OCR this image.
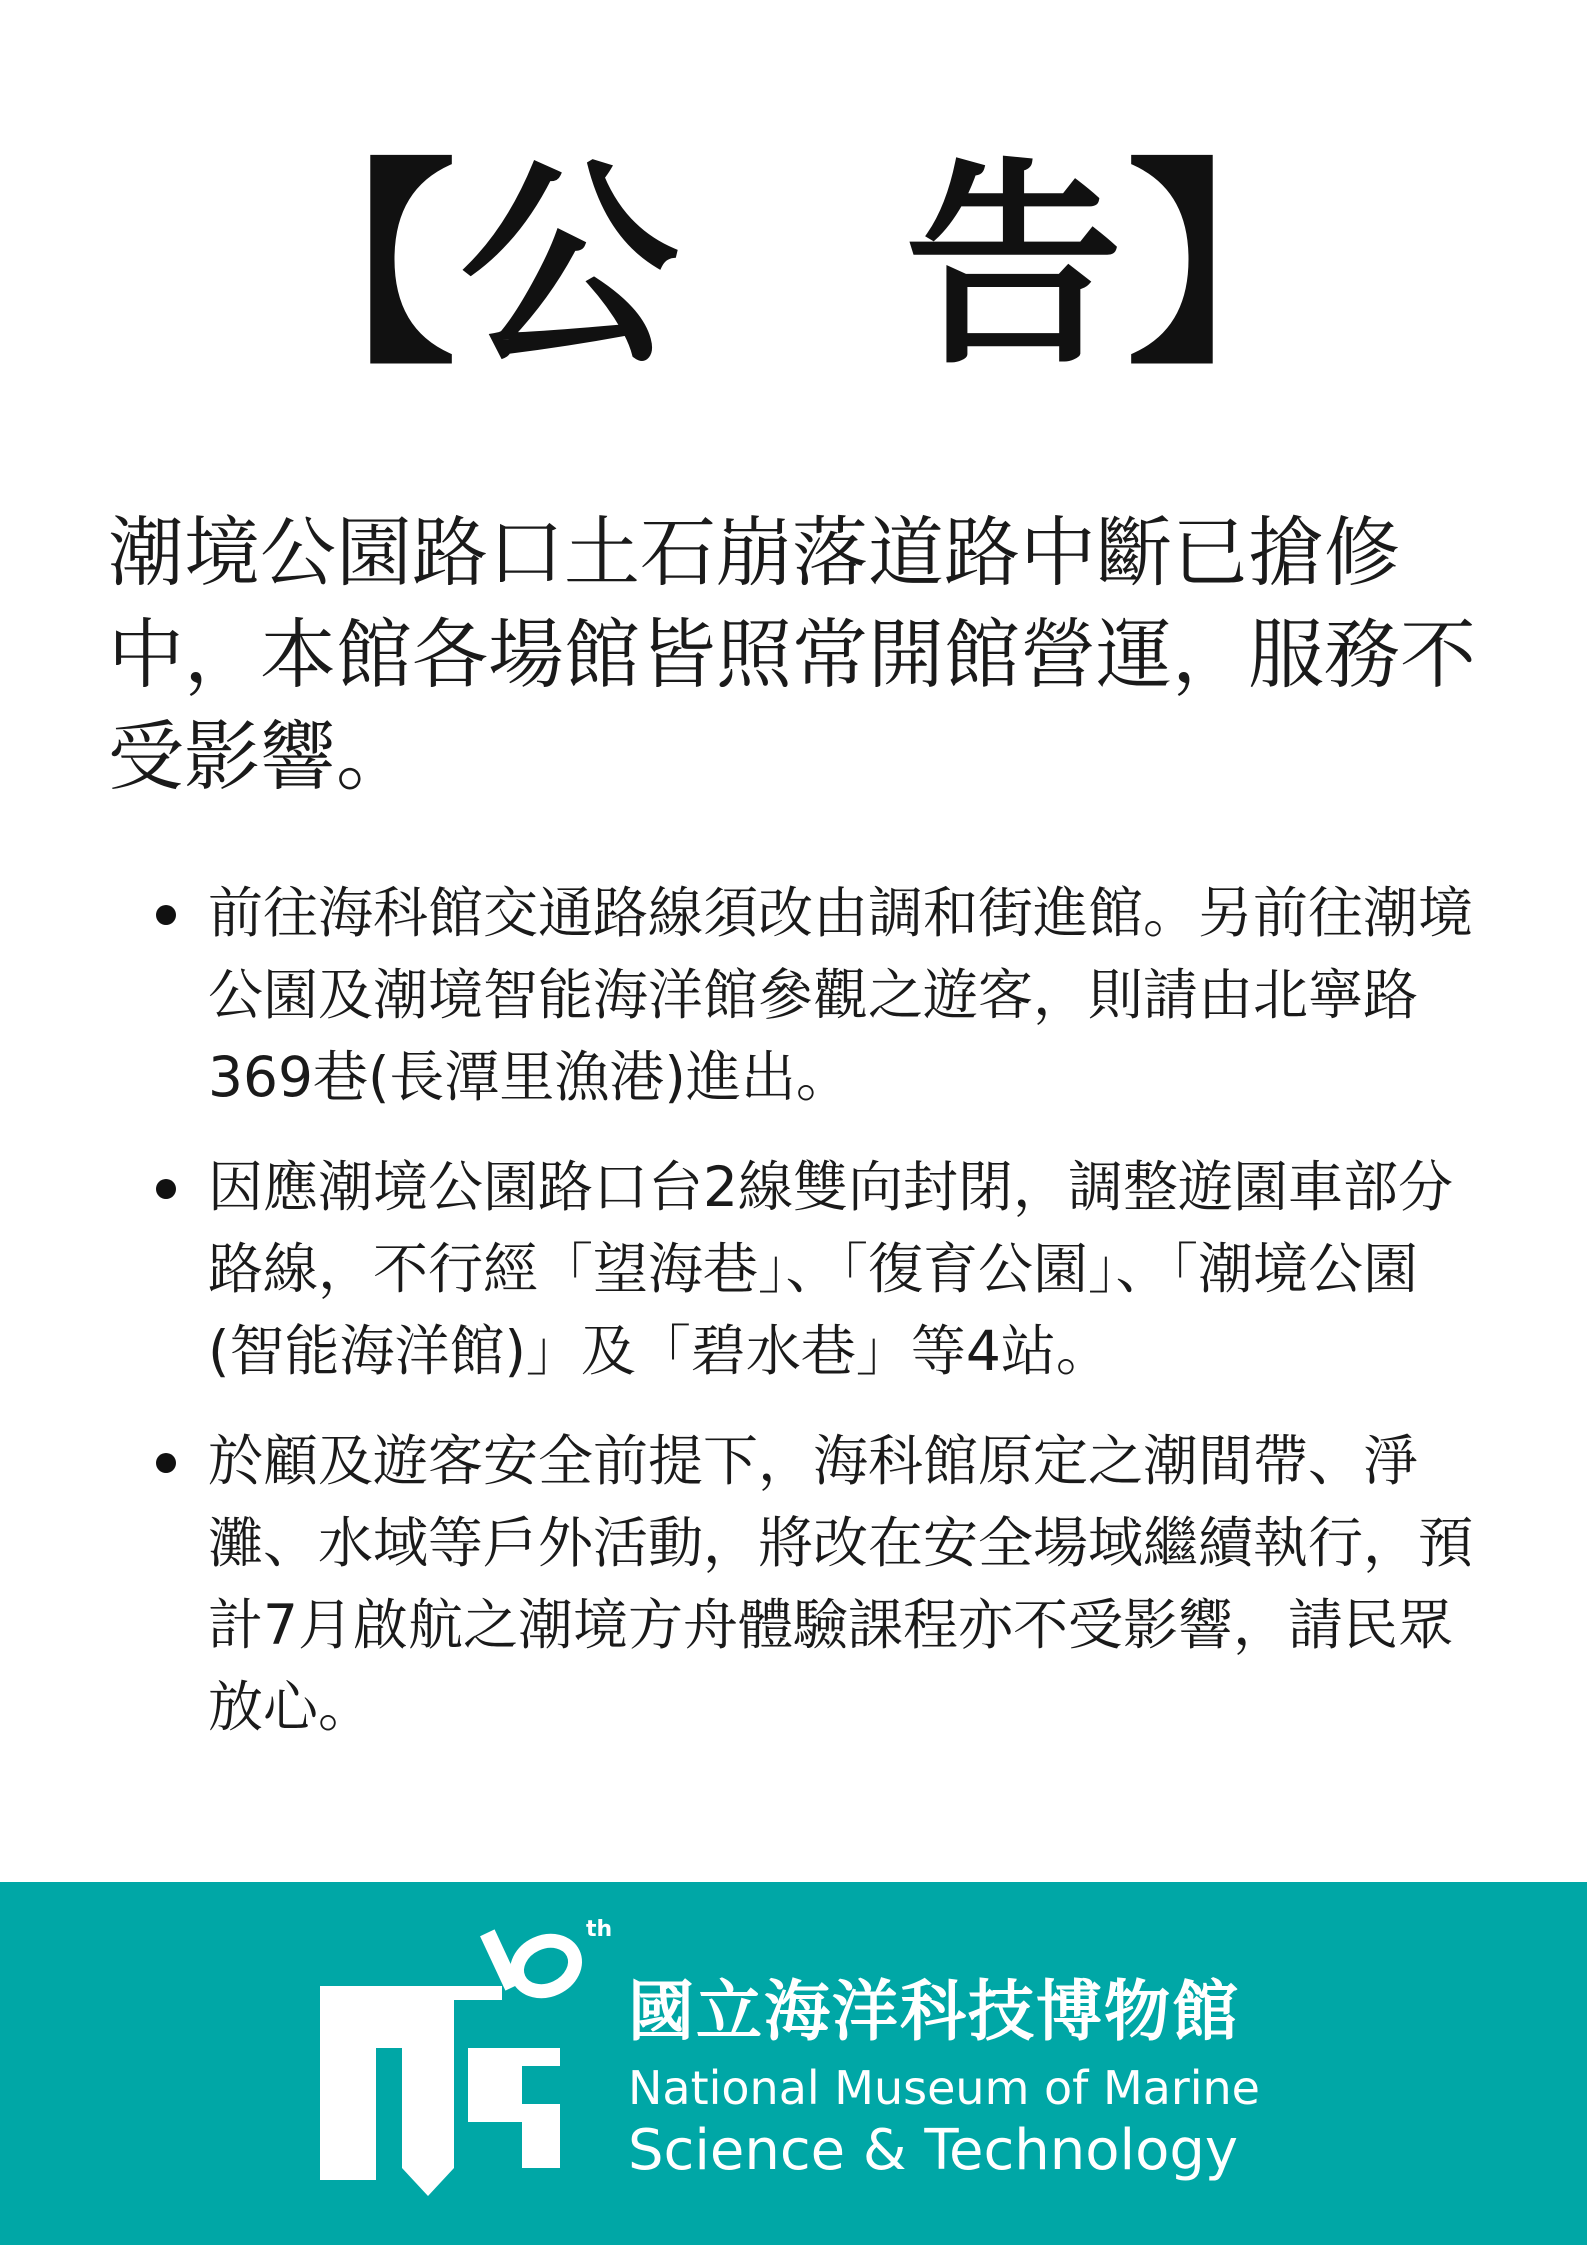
【公　告】

潮境公園路口土石崩落道路中斷已搶修中，本館各場館皆照常開館營運，服務不受影響。

前往海科館交通路線須改由調和街進館。另前往潮境公園及潮境智能海洋館參觀之遊客，則請由北寧路369巷(長潭里漁港)進出。
因應潮境公園路口台2線雙向封閉，調整遊園車部分路線，不行經「望海巷」、「復育公園」、「潮境公園(智能海洋館)」及「碧水巷」等4站。
於顧及遊客安全前提下，海科館原定之潮間帶、淨灘、水域等戶外活動，將改在安全場域繼續執行，預計7月啟航之潮境方舟體驗課程亦不受影響，請民眾放心。
th
國立海洋科技博物館
National Museum of Marine
Science & Technology
